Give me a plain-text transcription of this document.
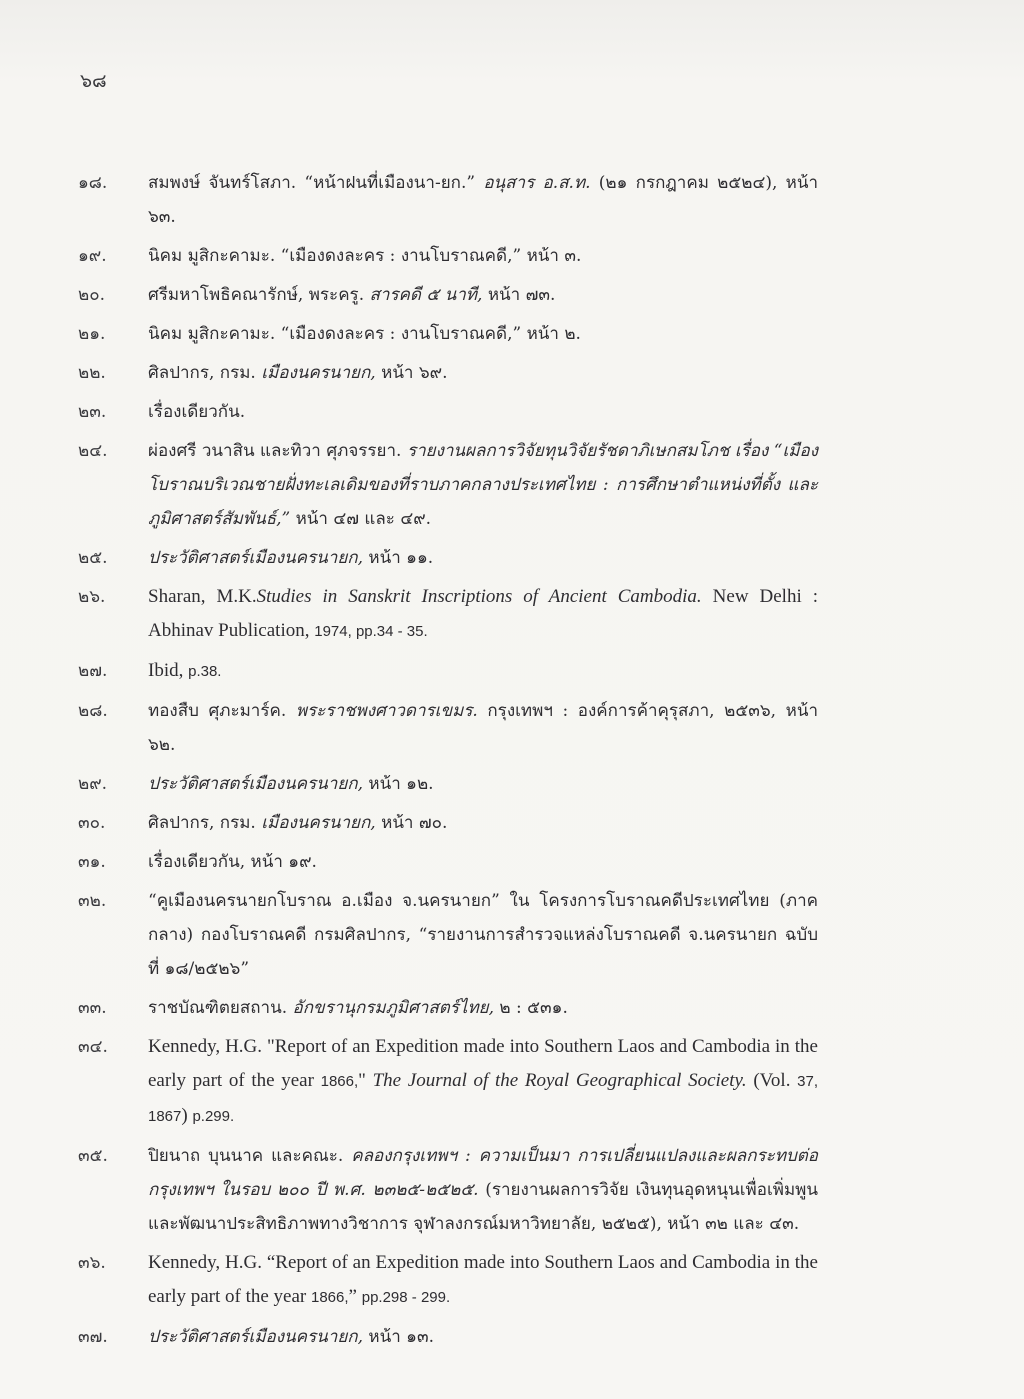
๖๘
๑๘.	สมพงษ์ จันทร์โสภา. “หน้าฝนที่เมืองนา-ยก.” อนุสาร อ.ส.ท. (๒๑ กรกฎาคม ๒๕๒๔), หน้า ๖๓.
๑๙.	นิคม มูสิกะคามะ. “เมืองดงละคร : งานโบราณคดี,” หน้า ๓.
๒๐.	ศรีมหาโพธิคณารักษ์, พระครู. สารคดี ๕ นาที, หน้า ๗๓.
๒๑.	นิคม มูสิกะคามะ. “เมืองดงละคร : งานโบราณคดี,” หน้า ๒.
๒๒.	ศิลปากร, กรม. เมืองนครนายก, หน้า ๖๙.
๒๓.	เรื่องเดียวกัน.
๒๔.	ผ่องศรี วนาสิน และทิวา ศุภจรรยา. รายงานผลการวิจัยทุนวิจัยรัชดาภิเษกสมโภช เรื่อง “เมืองโบราณบริเวณชายฝั่งทะเลเดิมของที่ราบภาคกลางประเทศไทย : การศึกษาตำแหน่งที่ตั้ง และภูมิศาสตร์สัมพันธ์,” หน้า ๔๗ และ ๔๙.
๒๕.	ประวัติศาสตร์เมืองนครนายก, หน้า ๑๑.
๒๖.	Sharan, M.K.Studies in Sanskrit Inscriptions of Ancient Cambodia. New Delhi : Abhinav Publication, 1974, pp.34 - 35.
๒๗.	Ibid, p.38.
๒๘.	ทองสืบ ศุภะมาร์ค. พระราชพงศาวดารเขมร. กรุงเทพฯ : องค์การค้าคุรุสภา, ๒๕๓๖, หน้า ๖๒.
๒๙.	ประวัติศาสตร์เมืองนครนายก, หน้า ๑๒.
๓๐.	ศิลปากร, กรม. เมืองนครนายก, หน้า ๗๐.
๓๑.	เรื่องเดียวกัน, หน้า ๑๙.
๓๒.	“คูเมืองนครนายกโบราณ อ.เมือง จ.นครนายก” ใน โครงการโบราณคดีประเทศไทย (ภาคกลาง) กองโบราณคดี กรมศิลปากร, “รายงานการสำรวจแหล่งโบราณคดี จ.นครนายก ฉบับที่ ๑๘/๒๕๒๖”
๓๓.	ราชบัณฑิตยสถาน. อักขรานุกรมภูมิศาสตร์ไทย, ๒ : ๕๓๑.
๓๔.	Kennedy, H.G. "Report of an Expedition made into Southern Laos and Cambodia in the early part of the year 1866," The Journal of the Royal Geographical Society. (Vol. 37, 1867) p.299.
๓๕.	ปิยนาถ บุนนาค และคณะ. คลองกรุงเทพฯ : ความเป็นมา การเปลี่ยนแปลงและผลกระทบต่อกรุงเทพฯ ในรอบ ๒๐๐ ปี พ.ศ. ๒๓๒๕-๒๕๒๕. (รายงานผลการวิจัย เงินทุนอุดหนุนเพื่อเพิ่มพูนและพัฒนาประสิทธิภาพทางวิชาการ จุฬาลงกรณ์มหาวิทยาลัย, ๒๕๒๕), หน้า ๓๒ และ ๔๓.
๓๖.	Kennedy, H.G. “Report of an Expedition made into Southern Laos and Cambodia in the early part of the year 1866,” pp.298 - 299.
๓๗.	ประวัติศาสตร์เมืองนครนายก, หน้า ๑๓.
